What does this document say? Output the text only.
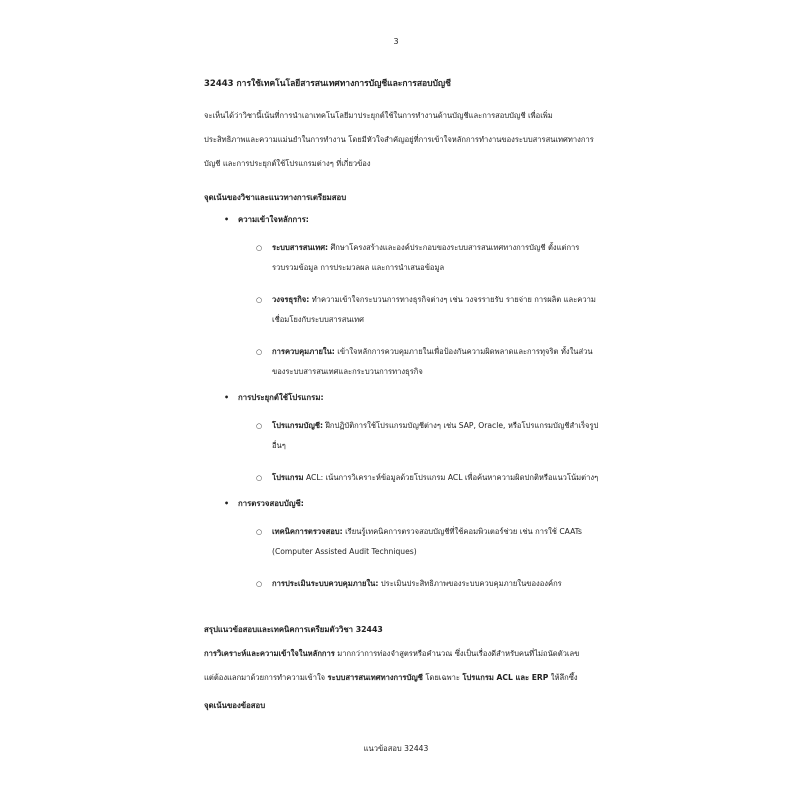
3
32443 การใช้เทคโนโลยีสารสนเทศทางการบัญชีและการสอบบัญชี

จะเห็นได้ว่าวิชานี้เน้นที่การนำเอาเทคโนโลยีมาประยุกต์ใช้ในการทำงานด้านบัญชีและการสอบบัญชี เพื่อเพิ่ม
ประสิทธิภาพและความแม่นยำในการทำงาน โดยมีหัวใจสำคัญอยู่ที่การเข้าใจหลักการทำงานของระบบสารสนเทศทางการ
บัญชี และการประยุกต์ใช้โปรแกรมต่างๆ ที่เกี่ยวข้อง

จุดเน้นของวิชาและแนวทางการเตรียมสอบ
• ความเข้าใจหลักการ:
○ ระบบสารสนเทศ: ศึกษาโครงสร้างและองค์ประกอบของระบบสารสนเทศทางการบัญชี ตั้งแต่การ
รวบรวมข้อมูล การประมวลผล และการนำเสนอข้อมูล
○ วงจรธุรกิจ: ทำความเข้าใจกระบวนการทางธุรกิจต่างๆ เช่น วงจรรายรับ รายจ่าย การผลิต และความ
เชื่อมโยงกับระบบสารสนเทศ
○ การควบคุมภายใน: เข้าใจหลักการควบคุมภายในเพื่อป้องกันความผิดพลาดและการทุจริต ทั้งในส่วน
ของระบบสารสนเทศและกระบวนการทางธุรกิจ
• การประยุกต์ใช้โปรแกรม:
○ โปรแกรมบัญชี: ฝึกปฏิบัติการใช้โปรแกรมบัญชีต่างๆ เช่น SAP, Oracle, หรือโปรแกรมบัญชีสำเร็จรูป
อื่นๆ
○ โปรแกรม ACL: เน้นการวิเคราะห์ข้อมูลด้วยโปรแกรม ACL เพื่อค้นหาความผิดปกติหรือแนวโน้มต่างๆ
• การตรวจสอบบัญชี:
○ เทคนิคการตรวจสอบ: เรียนรู้เทคนิคการตรวจสอบบัญชีที่ใช้คอมพิวเตอร์ช่วย เช่น การใช้ CAATs
(Computer Assisted Audit Techniques)
○ การประเมินระบบควบคุมภายใน: ประเมินประสิทธิภาพของระบบควบคุมภายในขององค์กร
สรุปแนวข้อสอบและเทคนิคการเตรียมตัววิชา 32443

การวิเคราะห์และความเข้าใจในหลักการ มากกว่าการท่องจำสูตรหรือคำนวณ ซึ่งเป็นเรื่องดีสำหรับคนที่ไม่ถนัดตัวเลข
แต่ต้องแลกมาด้วยการทำความเข้าใจ ระบบสารสนเทศทางการบัญชี โดยเฉพาะ โปรแกรม ACL และ ERP ให้ลึกซึ้ง

จุดเน้นของข้อสอบ
แนวข้อสอบ 32443
